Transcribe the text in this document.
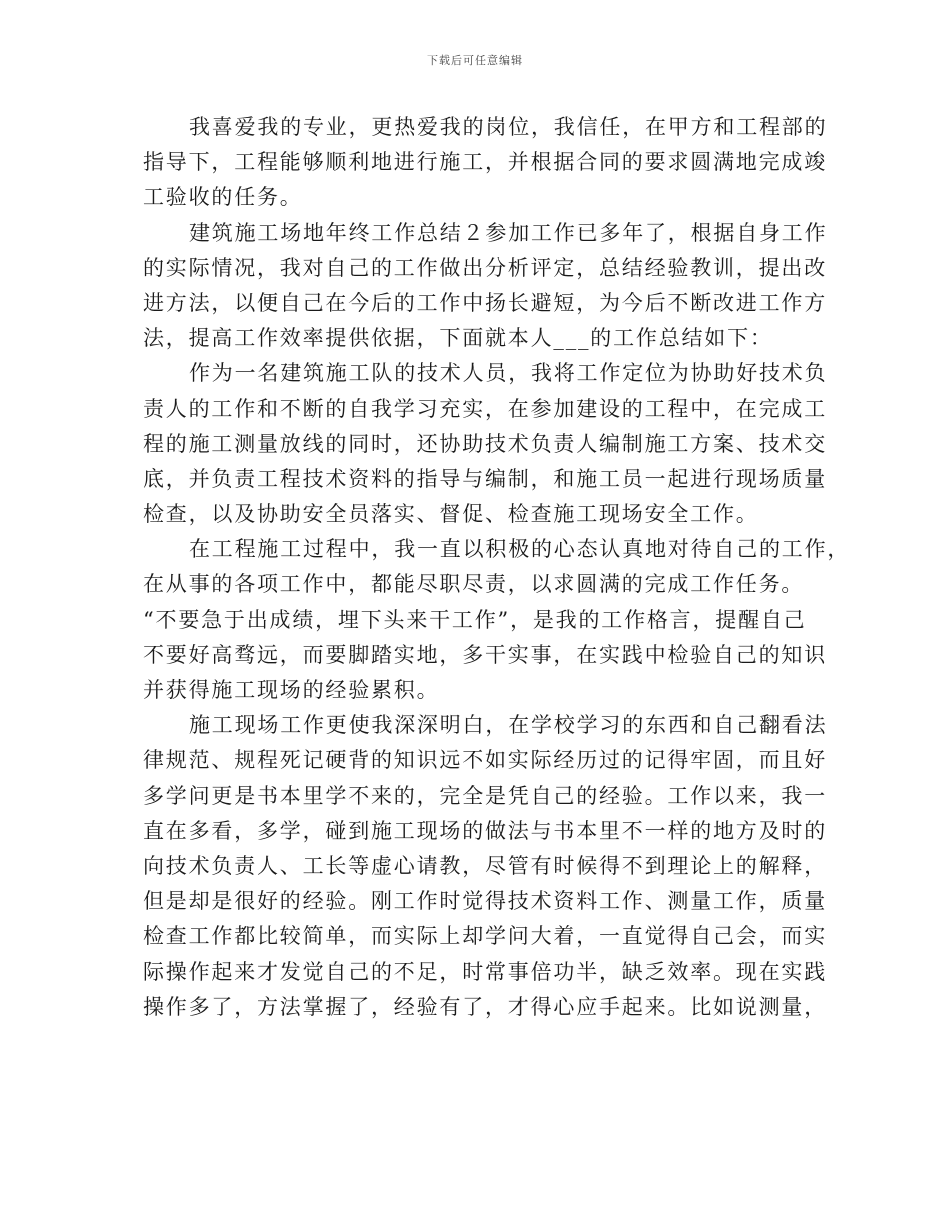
下载后可任意编辑
我喜爱我的专业，更热爱我的岗位，我信任，在甲方和工程部的
指导下，工程能够顺利地进行施工，并根据合同的要求圆满地完成竣
工验收的任务。
建筑施工场地年终工作总结２参加工作已多年了，根据自身工作
的实际情况，我对自己的工作做出分析评定，总结经验教训，提出改
进方法，以便自己在今后的工作中扬长避短，为今后不断改进工作方
法，提高工作效率提供依据，下面就本人___的工作总结如下：
作为一名建筑施工队的技术人员，我将工作定位为协助好技术负
责人的工作和不断的自我学习充实，在参加建设的工程中，在完成工
程的施工测量放线的同时，还协助技术负责人编制施工方案、技术交
底，并负责工程技术资料的指导与编制，和施工员一起进行现场质量
检查，以及协助安全员落实、督促、检查施工现场安全工作。
在工程施工过程中，我一直以积极的心态认真地对待自己的工作，
在从事的各项工作中，都能尽职尽责，以求圆满的完成工作任务。
“不要急于出成绩，埋下头来干工作”，是我的工作格言，提醒自己
不要好高骛远，而要脚踏实地，多干实事，在实践中检验自己的知识
并获得施工现场的经验累积。
施工现场工作更使我深深明白，在学校学习的东西和自己翻看法
律规范、规程死记硬背的知识远不如实际经历过的记得牢固，而且好
多学问更是书本里学不来的，完全是凭自己的经验。工作以来，我一
直在多看，多学，碰到施工现场的做法与书本里不一样的地方及时的
向技术负责人、工长等虚心请教，尽管有时候得不到理论上的解释，
但是却是很好的经验。刚工作时觉得技术资料工作、测量工作，质量
检查工作都比较简单，而实际上却学问大着，一直觉得自己会，而实
际操作起来才发觉自己的不足，时常事倍功半，缺乏效率。现在实践
操作多了，方法掌握了，经验有了，才得心应手起来。比如说测量，
